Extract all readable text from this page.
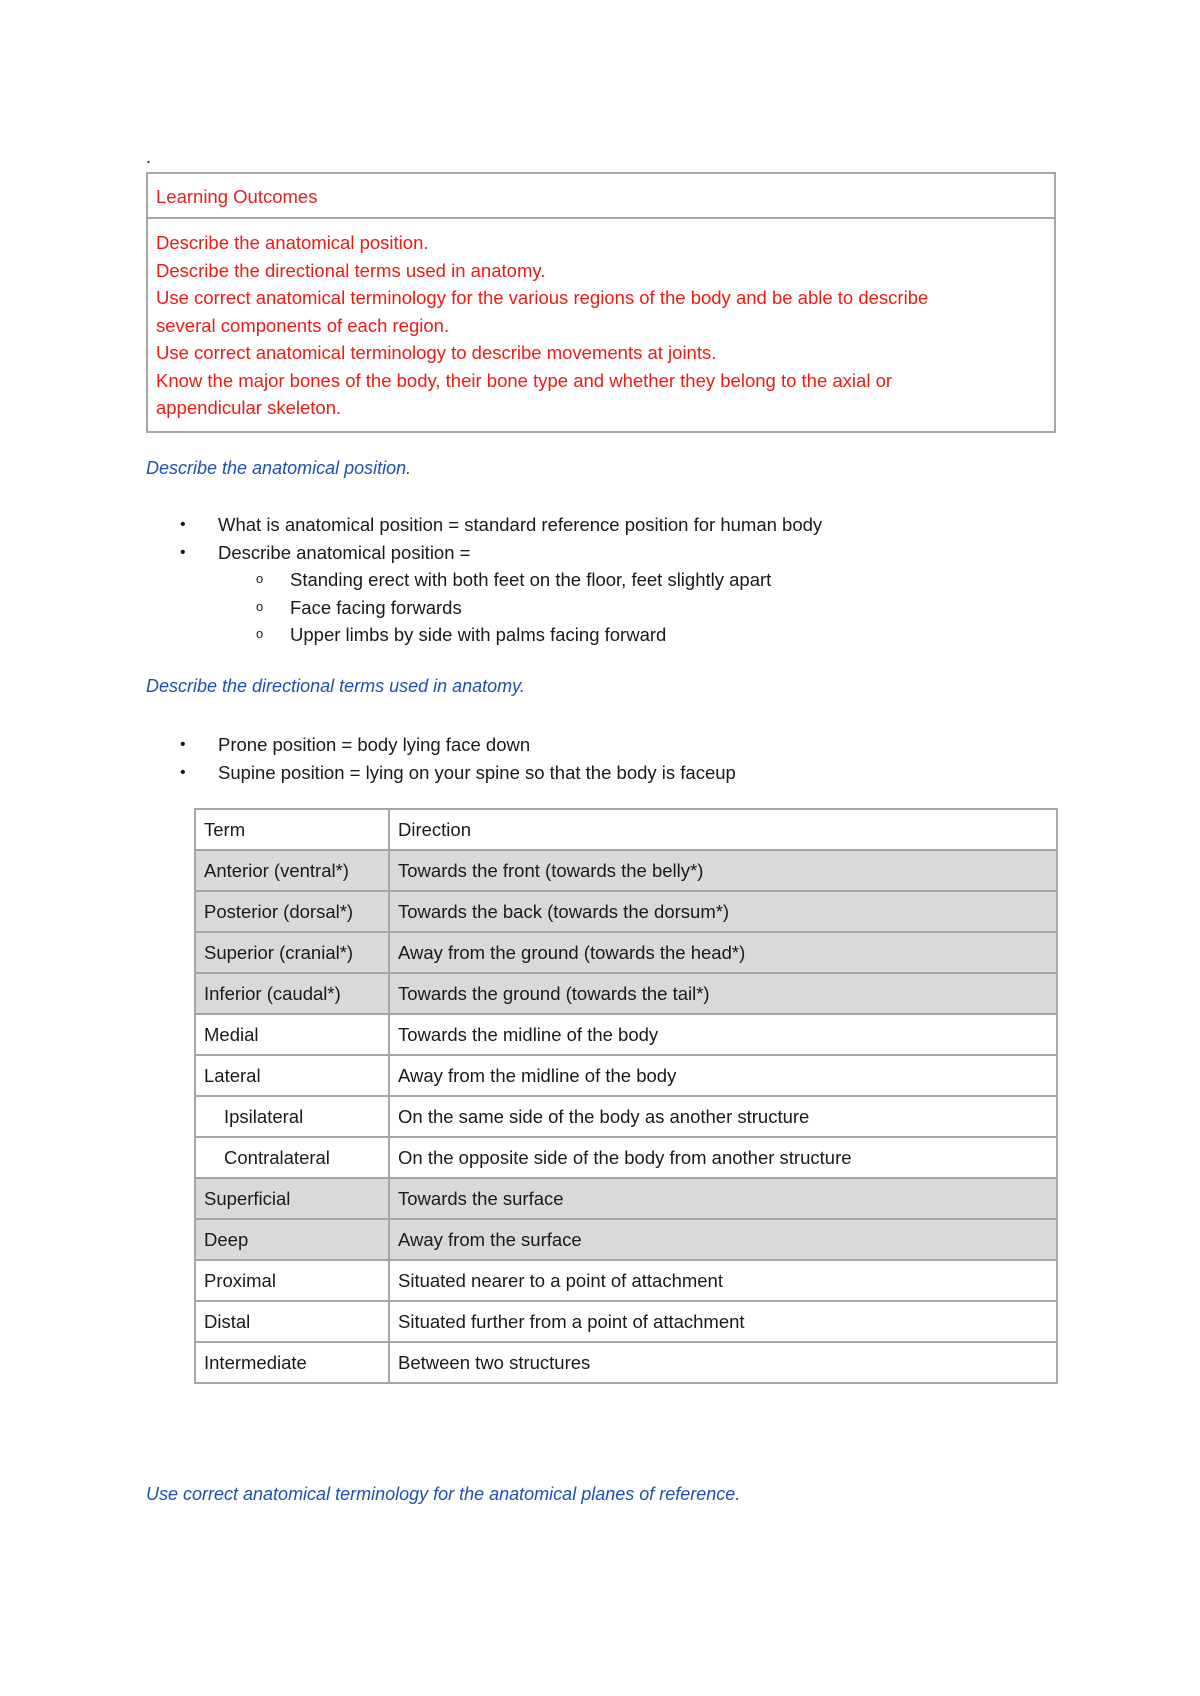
.
Learning Outcomes
Describe the anatomical position.
Describe the directional terms used in anatomy.
Use correct anatomical terminology for the various regions of the body and be able to describe
several components of each region.
Use correct anatomical terminology to describe movements at joints.
Know the major bones of the body, their bone type and whether they belong to the axial or
appendicular skeleton.
Describe the anatomical position.
• What is anatomical position = standard reference position for human body
• Describe anatomical position =
o Standing erect with both feet on the floor, feet slightly apart
o Face facing forwards
o Upper limbs by side with palms facing forward
Describe the directional terms used in anatomy.
• Prone position = body lying face down
• Supine position = lying on your spine so that the body is faceup
Term	Direction
Anterior (ventral*)	Towards the front (towards the belly*)
Posterior (dorsal*)	Towards the back (towards the dorsum*)
Superior (cranial*)	Away from the ground (towards the head*)
Inferior (caudal*)	Towards the ground (towards the tail*)
Medial	Towards the midline of the body
Lateral	Away from the midline of the body
Ipsilateral	On the same side of the body as another structure
Contralateral	On the opposite side of the body from another structure
Superficial	Towards the surface
Deep	Away from the surface
Proximal	Situated nearer to a point of attachment
Distal	Situated further from a point of attachment
Intermediate	Between two structures
Use correct anatomical terminology for the anatomical planes of reference.
